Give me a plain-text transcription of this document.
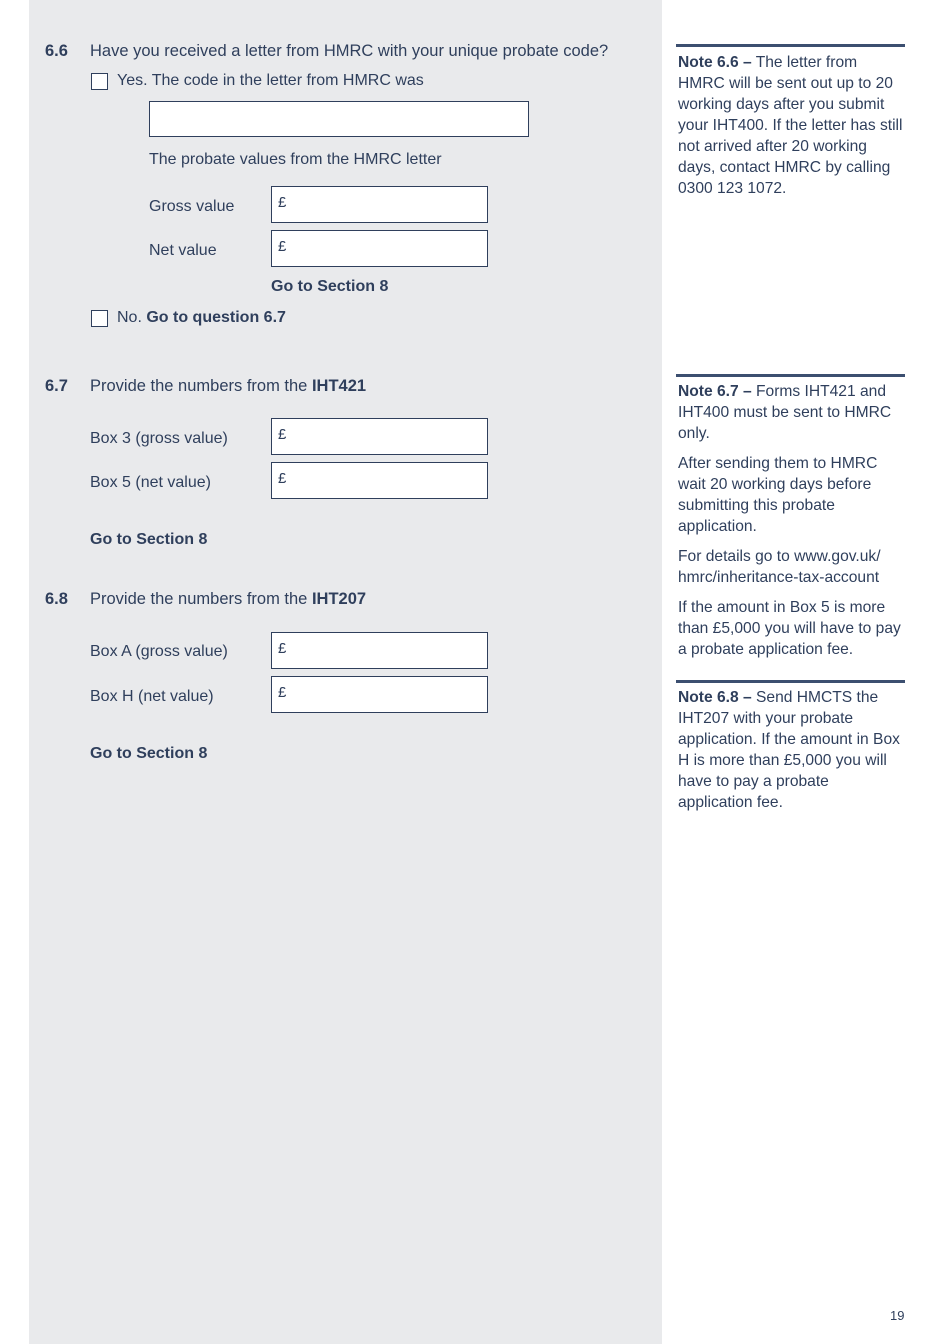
6.6 Have you received a letter from HMRC with your unique probate code?
Yes. The code in the letter from HMRC was
The probate values from the HMRC letter
Gross value	£
Net value	£
Go to Section 8
No. Go to question 6.7
6.7 Provide the numbers from the IHT421
Box 3 (gross value)	£
Box 5 (net value)	£
Go to Section 8
6.8 Provide the numbers from the IHT207
Box A (gross value)	£
Box H (net value)	£
Go to Section 8

Note 6.6 – The letter from HMRC will be sent out up to 20 working days after you submit your IHT400. If the letter has still not arrived after 20 working days, contact HMRC by calling 0300 123 1072.

Note 6.7 – Forms IHT421 and IHT400 must be sent to HMRC only.

After sending them to HMRC wait 20 working days before submitting this probate application.

For details go to www.gov.uk/ hmrc/inheritance-tax-account

If the amount in Box 5 is more than £5,000 you will have to pay a probate application fee.

Note 6.8 – Send HMCTS the IHT207 with your probate application. If the amount in Box H is more than £5,000 you will have to pay a probate application fee.

19
